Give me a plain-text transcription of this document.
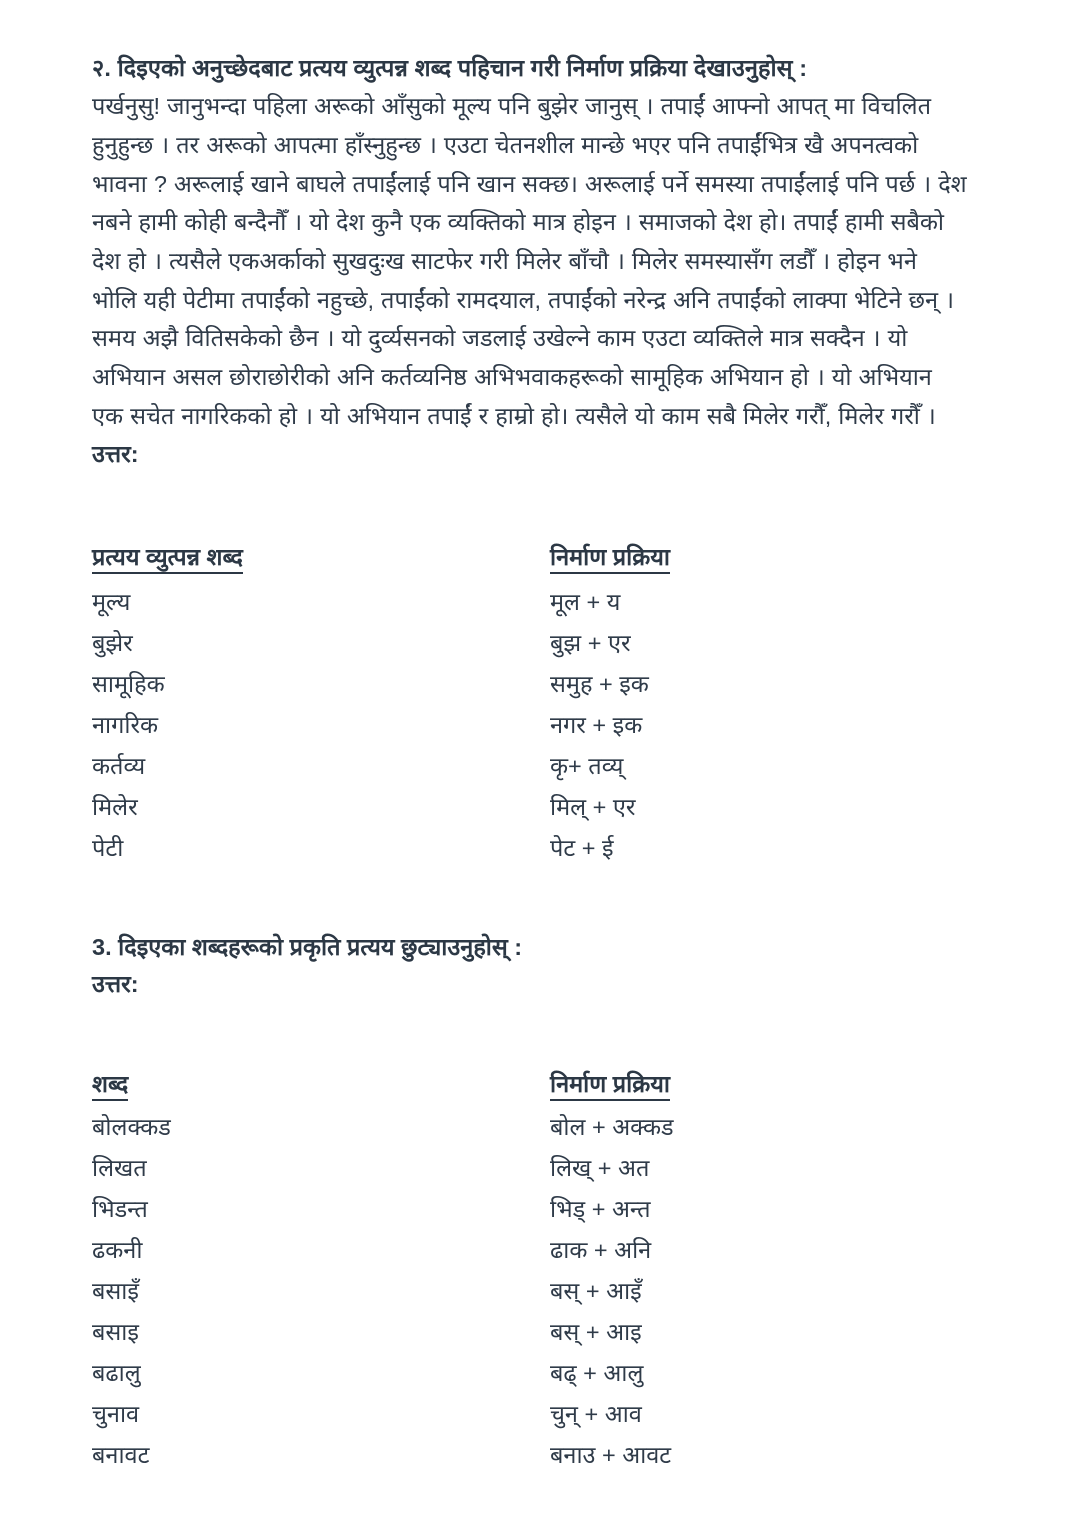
२. दिइएको अनुच्छेदबाट प्रत्यय व्युत्पन्न शब्द पहिचान गरी निर्माण प्रक्रिया देखाउनुहोस् :
पर्खनुसु! जानुभन्दा पहिला अरूको आँसुको मूल्य पनि बुझेर जानुस् । तपाईं आफ्नो आपत् मा विचलित
हुनुहुन्छ । तर अरूको आपत्मा हाँस्नुहुन्छ । एउटा चेतनशील मान्छे भएर पनि तपाईंभित्र खै अपनत्वको
भावना ? अरूलाई खाने बाघले तपाईंलाई पनि खान सक्छ। अरूलाई पर्ने समस्या तपाईंलाई पनि पर्छ । देश
नबने हामी कोही बन्दैनौँ । यो देश कुनै एक व्यक्तिको मात्र होइन । समाजको देश हो। तपाईं हामी सबैको
देश हो । त्यसैले एकअर्काको सुखदुःख साटफेर गरी मिलेर बाँचौ । मिलेर समस्यासँग लडौँ । होइन भने
भोलि यही पेटीमा तपाईंको नहुच्छे, तपाईंको रामदयाल, तपाईंको नरेन्द्र अनि तपाईंको लाक्पा भेटिने छन् ।
समय अझै वितिसकेको छैन । यो दुर्व्यसनको जडलाई उखेल्ने काम एउटा व्यक्तिले मात्र सक्दैन । यो
अभियान असल छोराछोरीको अनि कर्तव्यनिष्ठ अभिभवाकहरूको सामूहिक अभियान हो । यो अभियान
एक सचेत नागरिकको हो । यो अभियान तपाईं र हाम्रो हो। त्यसैले यो काम सबै मिलेर गरौँ, मिलेर गरौँ ।

उत्तर:

प्रत्यय व्युत्पन्न शब्द	निर्माण प्रक्रिया
मूल्य	मूल + य
बुझेर	बुझ + एर
सामूहिक	समुह + इक
नागरिक	नगर + इक
कर्तव्य	कृ+ तव्य्
मिलेर	मिल् + एर
पेटी	पेट + ई
3. दिइएका शब्दहरूको प्रकृति प्रत्यय छुट्याउनुहोस् :

उत्तर:

शब्द	निर्माण प्रक्रिया
बोलक्कड	बोल + अक्कड
लिखत	लिख् + अत
भिडन्त	भिड् + अन्त
ढकनी	ढाक + अनि
बसाइँ	बस् + आइँ
बसाइ	बस् + आइ
बढालु	बढ् + आलु
चुनाव	चुन् + आव
बनावट	बनाउ + आवट
